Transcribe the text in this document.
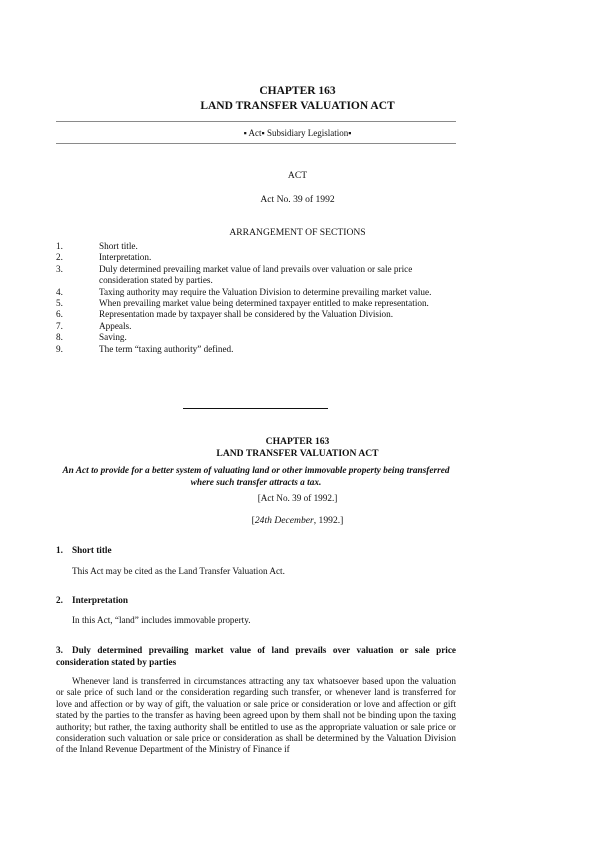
CHAPTER 163
LAND TRANSFER VALUATION ACT
▪ Act▪ Subsidiary Legislation▪
ACT
Act No. 39 of 1992
ARRANGEMENT OF SECTIONS
1.	Short title.
2.	Interpretation.
3.	Duly determined prevailing market value of land prevails over valuation or sale price consideration stated by parties.
4.	Taxing authority may require the Valuation Division to determine prevailing market value.
5.	When prevailing market value being determined taxpayer entitled to make representation.
6.	Representation made by taxpayer shall be considered by the Valuation Division.
7.	Appeals.
8.	Saving.
9.	The term “taxing authority” defined.
CHAPTER 163
LAND TRANSFER VALUATION ACT
An Act to provide for a better system of valuating land or other immovable property being transferred where such transfer attracts a tax.
[Act No. 39 of 1992.]
[24th December, 1992.]
1. Short title
This Act may be cited as the Land Transfer Valuation Act.
2. Interpretation
In this Act, “land” includes immovable property.
3. Duly determined prevailing market value of land prevails over valuation or sale price consideration stated by parties
Whenever land is transferred in circumstances attracting any tax whatsoever based upon the valuation or sale price of such land or the consideration regarding such transfer, or whenever land is transferred for love and affection or by way of gift, the valuation or sale price or consideration or love and affection or gift stated by the parties to the transfer as having been agreed upon by them shall not be binding upon the taxing authority; but rather, the taxing authority shall be entitled to use as the appropriate valuation or sale price or consideration such valuation or sale price or consideration as shall be determined by the Valuation Division of the Inland Revenue Department of the Ministry of Finance if
